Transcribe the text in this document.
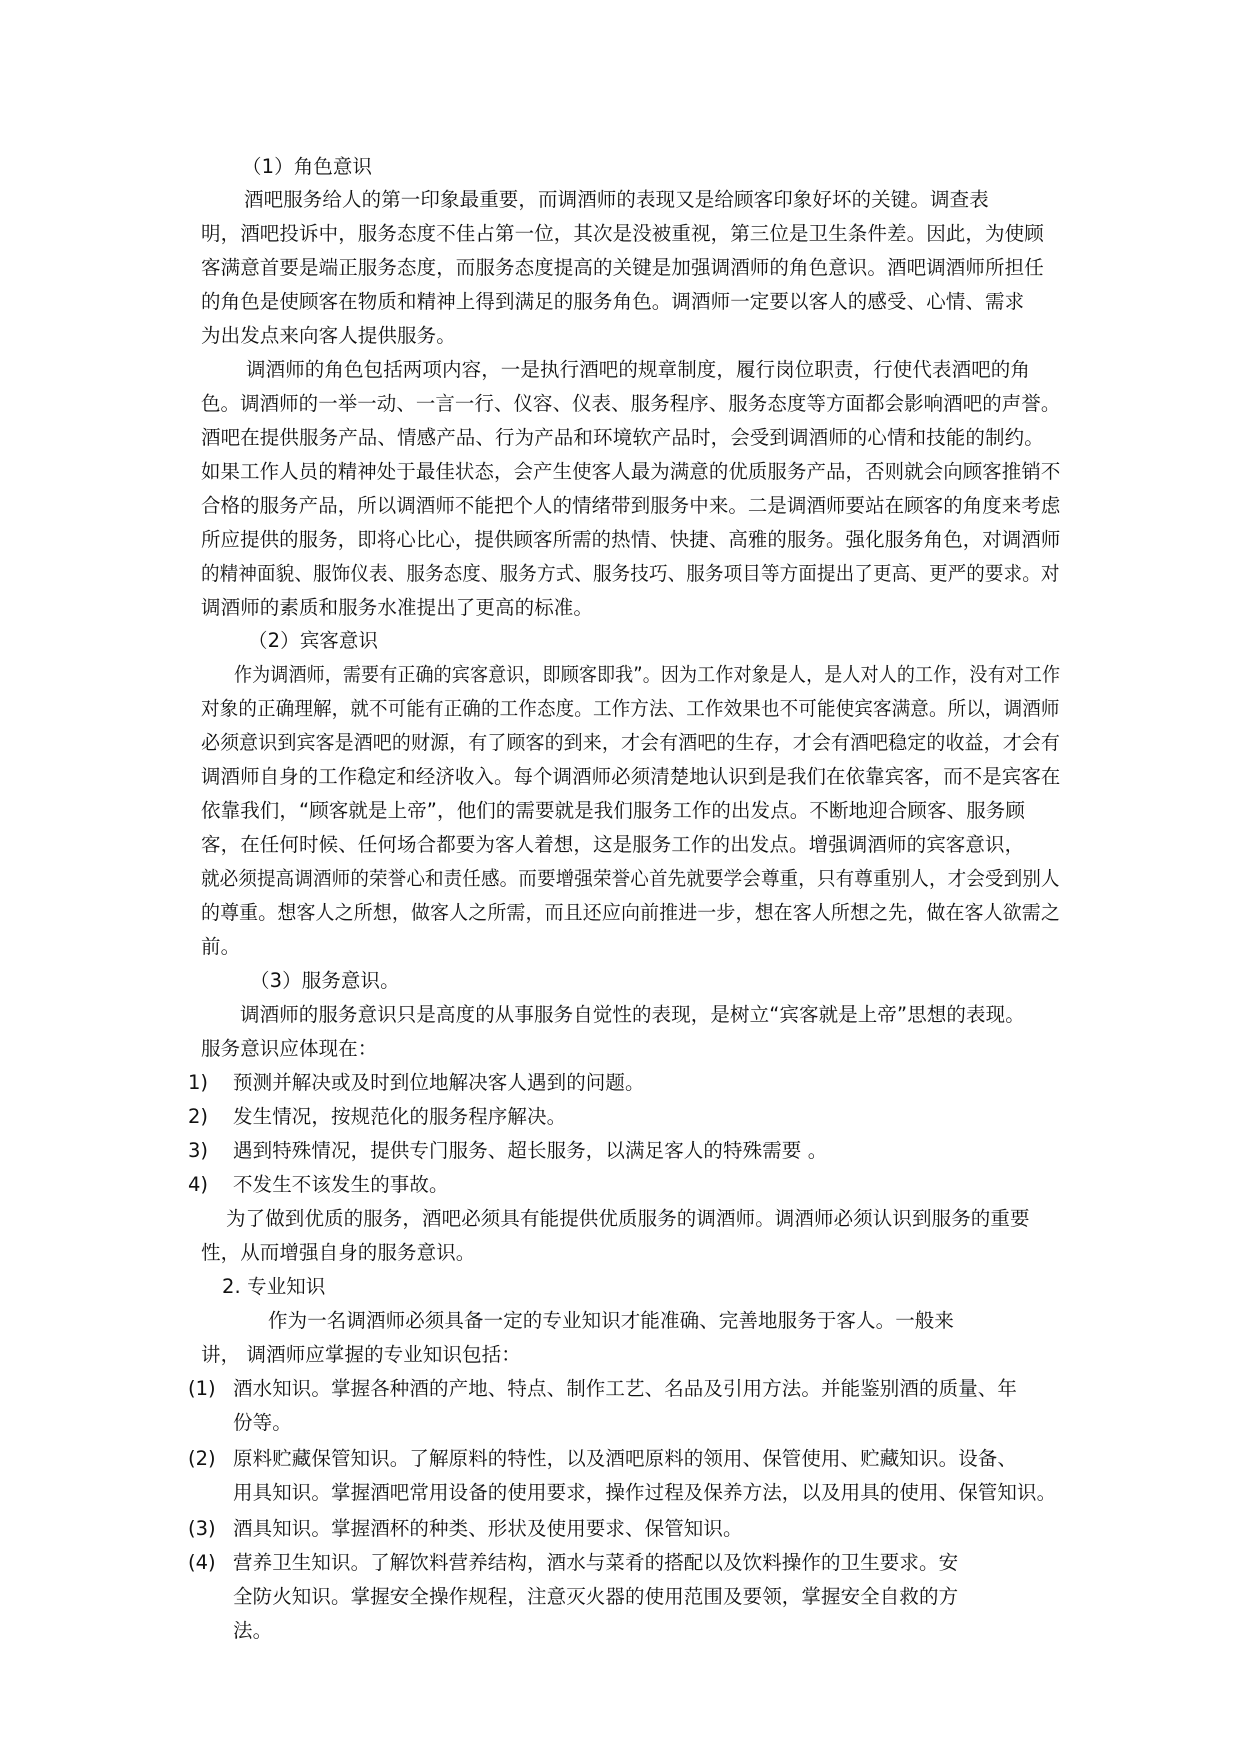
（1）角色意识
酒吧服务给人的第一印象最重要，而调酒师的表现又是给顾客印象好坏的关键。调查表
明，酒吧投诉中，服务态度不佳占第一位，其次是没被重视，第三位是卫生条件差。因此，为使顾
客满意首要是端正服务态度，而服务态度提高的关键是加强调酒师的角色意识。酒吧调酒师所担任
的角色是使顾客在物质和精神上得到满足的服务角色。调酒师一定要以客人的感受、心情、需求
为出发点来向客人提供服务。
调酒师的角色包括两项内容，一是执行酒吧的规章制度，履行岗位职责，行使代表酒吧的角
色。调酒师的一举一动、一言一行、仪容、仪表、服务程序、服务态度等方面都会影响酒吧的声誉。
酒吧在提供服务产品、情感产品、行为产品和环境软产品时，会受到调酒师的心情和技能的制约。
如果工作人员的精神处于最佳状态，会产生使客人最为满意的优质服务产品，否则就会向顾客推销不
合格的服务产品，所以调酒师不能把个人的情绪带到服务中来。二是调酒师要站在顾客的角度来考虑
所应提供的服务，即将心比心，提供顾客所需的热情、快捷、高雅的服务。强化服务角色，对调酒师
的精神面貌、服饰仪表、服务态度、服务方式、服务技巧、服务项目等方面提出了更高、更严的要求。对
调酒师的素质和服务水准提出了更高的标准。
（2）宾客意识
作为调酒师，需要有正确的宾客意识，即顾客即我”。因为工作对象是人，是人对人的工作，没有对工作
对象的正确理解，就不可能有正确的工作态度。工作方法、工作效果也不可能使宾客满意。所以，调酒师
必须意识到宾客是酒吧的财源，有了顾客的到来，才会有酒吧的生存，才会有酒吧稳定的收益，才会有
调酒师自身的工作稳定和经济收入。每个调酒师必须清楚地认识到是我们在依靠宾客，而不是宾客在
依靠我们，“顾客就是上帝”，他们的需要就是我们服务工作的出发点。不断地迎合顾客、服务顾
客，在任何时候、任何场合都要为客人着想，这是服务工作的出发点。增强调酒师的宾客意识，
就必须提高调酒师的荣誉心和责任感。而要增强荣誉心首先就要学会尊重，只有尊重别人，才会受到别人
的尊重。想客人之所想，做客人之所需，而且还应向前推进一步，想在客人所想之先，做在客人欲需之
前。
（3）服务意识。
调酒师的服务意识只是高度的从事服务自觉性的表现，是树立“宾客就是上帝”思想的表现。
服务意识应体现在：
1) 预测并解决或及时到位地解决客人遇到的问题。
2) 发生情况，按规范化的服务程序解决。
3) 遇到特殊情况，提供专门服务、超长服务，以满足客人的特殊需要 。
4) 不发生不该发生的事故。
为了做到优质的服务，酒吧必须具有能提供优质服务的调酒师。调酒师必须认识到服务的重要
性，从而增强自身的服务意识。
2. 专业知识
作为一名调酒师必须具备一定的专业知识才能准确、完善地服务于客人。一般来
讲， 调酒师应掌握的专业知识包括：
(1) 酒水知识。掌握各种酒的产地、特点、制作工艺、名品及引用方法。并能鉴别酒的质量、年
份等。
(2) 原料贮藏保管知识。了解原料的特性，以及酒吧原料的领用、保管使用、贮藏知识。设备、
用具知识。掌握酒吧常用设备的使用要求，操作过程及保养方法，以及用具的使用、保管知识。
(3) 酒具知识。掌握酒杯的种类、形状及使用要求、保管知识。
(4) 营养卫生知识。了解饮料营养结构，酒水与菜肴的搭配以及饮料操作的卫生要求。安
全防火知识。掌握安全操作规程，注意灭火器的使用范围及要领，掌握安全自救的方
法。
